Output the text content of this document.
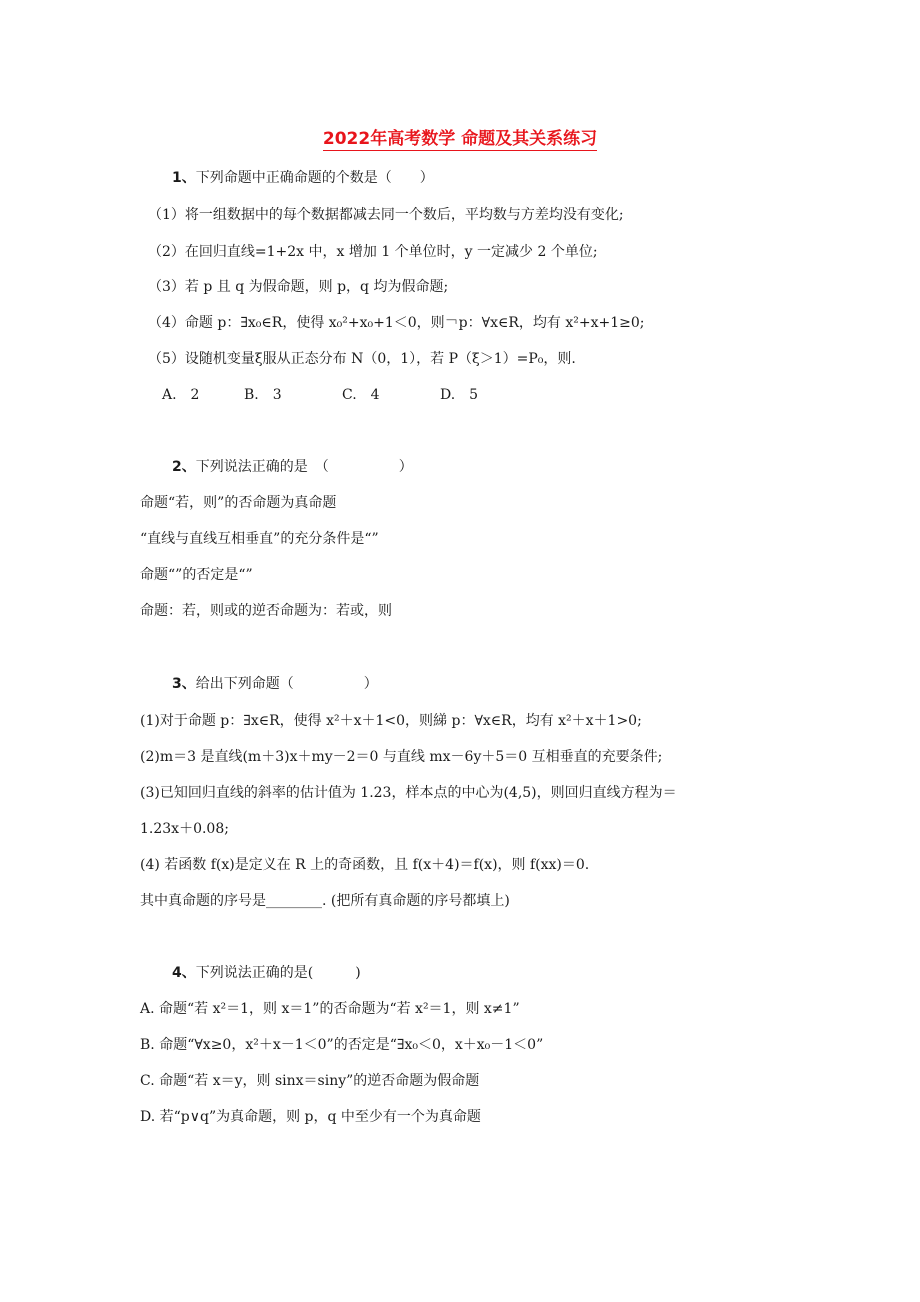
2022年高考数学 命题及其关系练习
1、下列命题中正确命题的个数是（　　）
（1）将一组数据中的每个数据都减去同一个数后，平均数与方差均没有变化;
（2）在回归直线=1+2x 中，x 增加 1 个单位时，y 一定减少 2 个单位;
（3）若 p 且 q 为假命题，则 p，q 均为假命题;
（4）命题 p：∃x₀∈R，使得 x₀²+x₀+1＜0，则￢p：∀x∈R，均有 x²+x+1≥0;
（5）设随机变量ξ服从正态分布 N（0，1），若 P（ξ＞1）=P₀，则.
A.　2	B.　3	C.　4	D.　5
2、下列说法正确的是　（　　　　　）
命题“若，则”的否命题为真命题
“直线与直线互相垂直”的充分条件是“”
命题“”的否定是“”
命题：若，则或的逆否命题为：若或，则
3、给出下列命题（　　　　　）
(1)对于命题 p：∃x∈R，使得 x²＋x＋1<0，则綈 p：∀x∈R，均有 x²＋x＋1>0;
(2)m＝3 是直线(m＋3)x＋my－2＝0 与直线 mx－6y＋5＝0 互相垂直的充要条件;
(3)已知回归直线的斜率的估计值为 1.23，样本点的中心为(4,5)，则回归直线方程为＝
1.23x＋0.08;
(4) 若函数 f(x)是定义在 R 上的奇函数，且 f(x＋4)＝f(x)，则 f(xx)＝0.
其中真命题的序号是________. (把所有真命题的序号都填上)
4、下列说法正确的是(　　　)
A. 命题“若 x²＝1，则 x＝1”的否命题为“若 x²＝1，则 x≠1”
B. 命题“∀x≥0，x²＋x－1＜0”的否定是“∃x₀＜0，x＋x₀－1＜0”
C. 命题“若 x＝y，则 sinx＝siny”的逆否命题为假命题
D. 若“p∨q”为真命题，则 p，q 中至少有一个为真命题
